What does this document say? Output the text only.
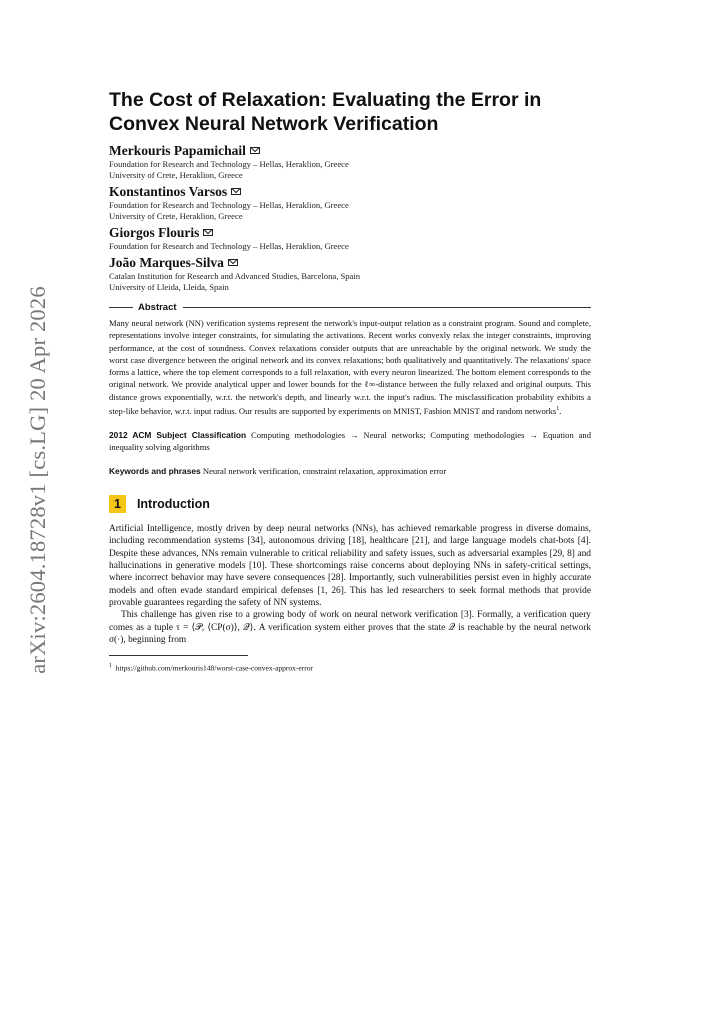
arXiv:2604.18728v1 [cs.LG] 20 Apr 2026
The Cost of Relaxation: Evaluating the Error in
Convex Neural Network Verification
Merkouris Papamichail
Foundation for Research and Technology – Hellas, Heraklion, Greece
University of Crete, Heraklion, Greece
Konstantinos Varsos
Foundation for Research and Technology – Hellas, Heraklion, Greece
University of Crete, Heraklion, Greece
Giorgos Flouris
Foundation for Research and Technology – Hellas, Heraklion, Greece
João Marques-Silva
Catalan Institution for Research and Advanced Studies, Barcelona, Spain
University of Lleida, Lleida, Spain
Abstract

Many neural network (NN) verification systems represent the network's input-output relation as a constraint program. Sound and complete, representations involve integer constraints, for simulating the activations. Recent works convexly relax the integer constraints, improving performance, at the cost of soundness. Convex relaxations consider outputs that are unreachable by the original network. We study the worst case divergence between the original network and its convex relaxations; both qualitatively and quantitatively. The relaxations' space forms a lattice, where the top element corresponds to a full relaxation, with every neuron linearized. The bottom element corresponds to the original network. We provide analytical upper and lower bounds for the ℓ∞-distance between the fully relaxed and original outputs. This distance grows exponentially, w.r.t. the network's depth, and linearly w.r.t. the input's radius. The misclassification probability exhibits a step-like behavior, w.r.t. input radius. Our results are supported by experiments on MNIST, Fashion MNIST and random networks$^1$.

2012 ACM Subject Classification Computing methodologies → Neural networks; Computing methodologies → Equation and inequality solving algorithms

Keywords and phrases Neural network verification, constraint relaxation, approximation error

1	Introduction

Artificial Intelligence, mostly driven by deep neural networks (NNs), has achieved remarkable progress in diverse domains, including recommendation systems [34], autonomous driving [18], healthcare [21], and large language models chat-bots [4]. Despite these advances, NNs remain vulnerable to critical reliability and safety issues, such as adversarial examples [29, 8] and hallucinations in generative models [10]. These shortcomings raise concerns about deploying NNs in safety-critical settings, where incorrect behavior may have severe consequences [28]. Importantly, such vulnerabilities persist even in highly accurate models and often evade standard empirical defenses [1, 26]. This has led researchers to seek formal methods that provide provable guarantees regarding the safety of NN systems.

This challenge has given rise to a growing body of work on neural network verification [3]. Formally, a verification query comes as a tuple τ = ⟨𝒫, ⟨CP(σ)⟩, 𝒬⟩. A verification system either proves that the state 𝒬 is reachable by the neural network σ(·), beginning from

$^1$ https://github.com/merkouris148/worst-case-convex-approx-error
